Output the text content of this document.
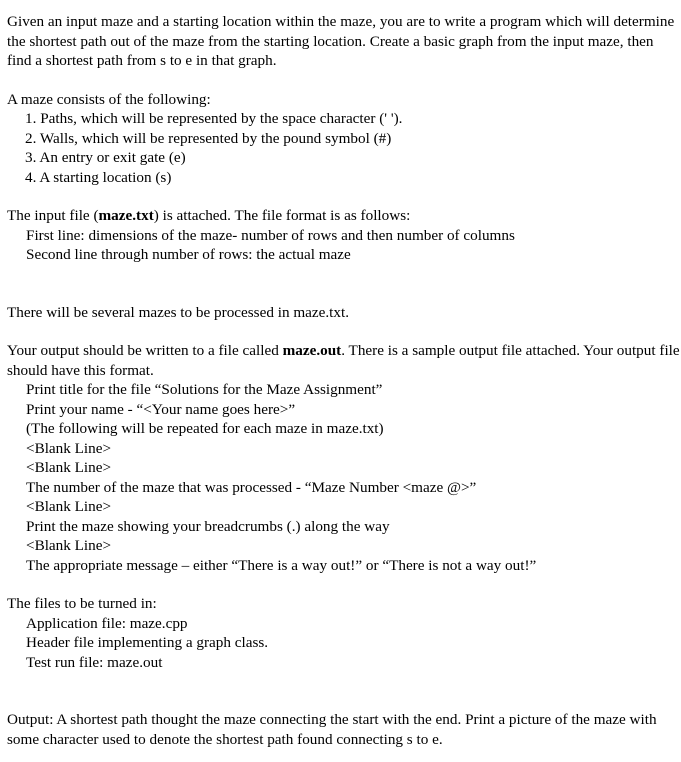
Given an input maze and a starting location within the maze, you are to write a program which will determine the shortest path out of the maze from the starting location. Create a basic graph from the input maze, then find a shortest path from s to e in that graph.

A maze consists of the following:

1. Paths, which will be represented by the space character (' ').

2. Walls, which will be represented by the pound symbol (#)

3. An entry or exit gate (e)

4. A starting location (s)

The input file (maze.txt) is attached. The file format is as follows:

First line: dimensions of the maze- number of rows and then number of columns

Second line through number of rows: the actual maze

There will be several mazes to be processed in maze.txt.

Your output should be written to a file called maze.out. There is a sample output file attached. Your output file should have this format.

Print title for the file “Solutions for the Maze Assignment”

Print your name - “<Your name goes here>”

(The following will be repeated for each maze in maze.txt)

<Blank Line>

<Blank Line>

The number of the maze that was processed - “Maze Number <maze @>”

<Blank Line>

Print the maze showing your breadcrumbs (.) along the way

<Blank Line>

The appropriate message – either “There is a way out!” or “There is not a way out!”

The files to be turned in:

Application file: maze.cpp

Header file implementing a graph class.

Test run file: maze.out

Output: A shortest path thought the maze connecting the start with the end. Print a picture of the maze with some character used to denote the shortest path found connecting s to e.
